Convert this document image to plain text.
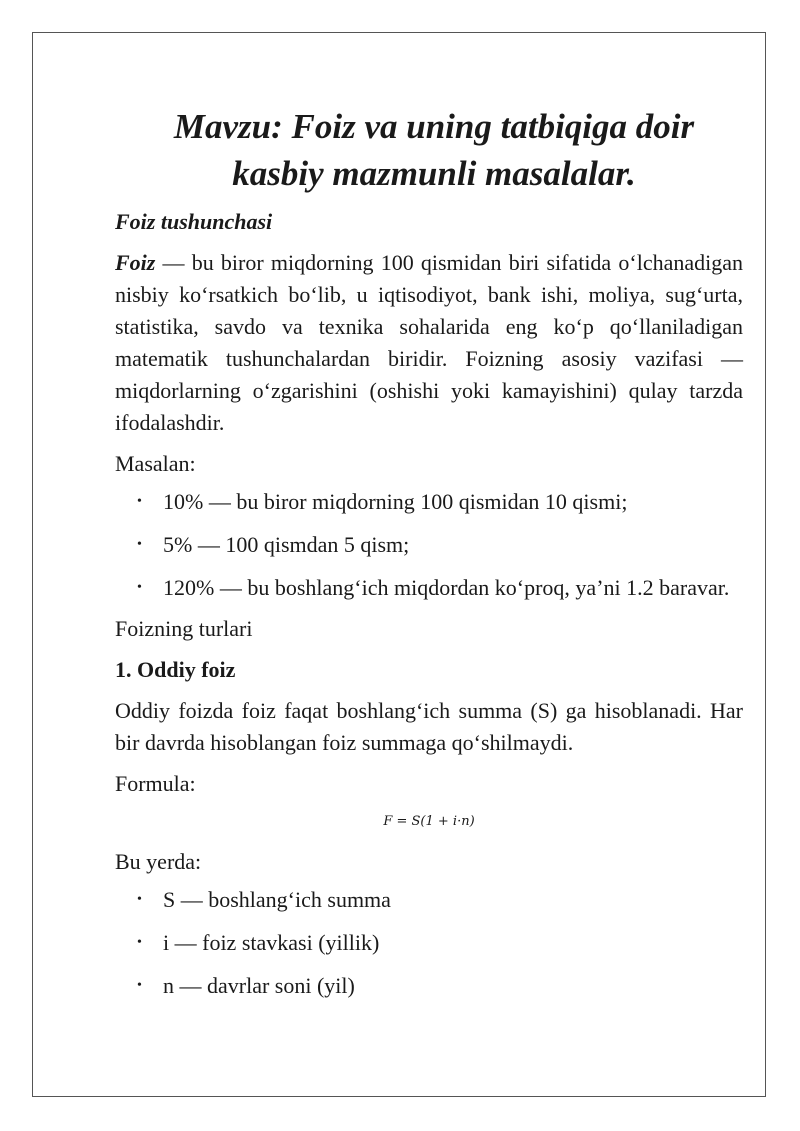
Mavzu: Foiz va uning tatbiqiga doir kasbiy mazmunli masalalar.
Foiz tushunchasi

Foiz — bu biror miqdorning 100 qismidan biri sifatida o‘lchanadigan nisbiy ko‘rsatkich bo‘lib, u iqtisodiyot, bank ishi, moliya, sug‘urta, statistika, savdo va texnika sohalarida eng ko‘p qo‘llaniladigan matematik tushunchalardan biridir. Foizning asosiy vazifasi — miqdorlarning o‘zgarishini (oshishi yoki kamayishini) qulay tarzda ifodalashdir.

Masalan:

• 10% — bu biror miqdorning 100 qismidan 10 qismi;
• 5% — 100 qismdan 5 qism;
• 120% — bu boshlang‘ich miqdordan ko‘proq, ya’ni 1.2 baravar.

Foizning turlari

1. Oddiy foiz

Oddiy foizda foiz faqat boshlang‘ich summa (S) ga hisoblanadi. Har bir davrda hisoblangan foiz summaga qo‘shilmaydi.

Formula:

F = S(1 + i·n)

Bu yerda:

• S — boshlang‘ich summa
• i — foiz stavkasi (yillik)
• n — davrlar soni (yil)
